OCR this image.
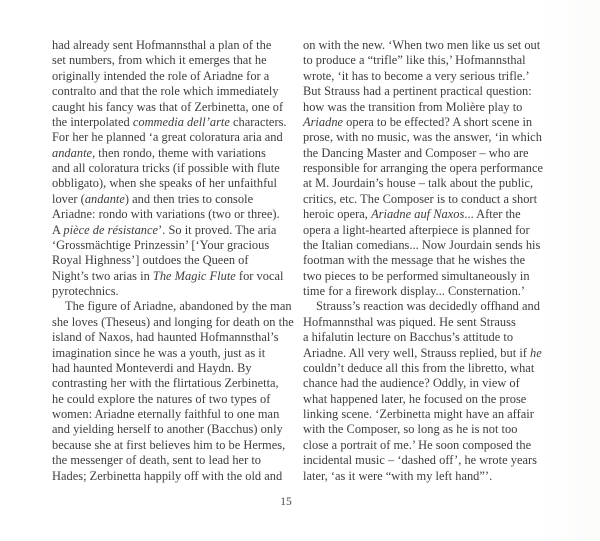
had already sent Hofmannsthal a plan of the
set numbers, from which it emerges that he
originally intended the role of Ariadne for a
contralto and that the role which immediately
caught his fancy was that of Zerbinetta, one of
the interpolated commedia dell’arte characters.
For her he planned ‘a great coloratura aria and
andante, then rondo, theme with variations
and all coloratura tricks (if possible with flute
obbligato), when she speaks of her unfaithful
lover (andante) and then tries to console
Ariadne: rondo with variations (two or three).
A pièce de résistance’. So it proved. The aria
‘Grossmächtige Prinzessin’ [‘Your gracious
Royal Highness’] outdoes the Queen of
Night’s two arias in The Magic Flute for vocal
pyrotechnics.
The figure of Ariadne, abandoned by the man
she loves (Theseus) and longing for death on the
island of Naxos, had haunted Hofmannsthal’s
imagination since he was a youth, just as it
had haunted Monteverdi and Haydn. By
contrasting her with the flirtatious Zerbinetta,
he could explore the natures of two types of
women: Ariadne eternally faithful to one man
and yielding herself to another (Bacchus) only
because she at first believes him to be Hermes,
the messenger of death, sent to lead her to
Hades; Zerbinetta happily off with the old and
on with the new. ‘When two men like us set out
to produce a “trifle” like this,’ Hofmannsthal
wrote, ‘it has to become a very serious trifle.’
But Strauss had a pertinent practical question:
how was the transition from Molière play to
Ariadne opera to be effected? A short scene in
prose, with no music, was the answer, ‘in which
the Dancing Master and Composer – who are
responsible for arranging the opera performance
at M. Jourdain’s house – talk about the public,
critics, etc. The Composer is to conduct a short
heroic opera, Ariadne auf Naxos... After the
opera a light-hearted afterpiece is planned for
the Italian comedians... Now Jourdain sends his
footman with the message that he wishes the
two pieces to be performed simultaneously in
time for a firework display... Consternation.’
Strauss’s reaction was decidedly offhand and
Hofmannsthal was piqued. He sent Strauss
a hifalutin lecture on Bacchus’s attitude to
Ariadne. All very well, Strauss replied, but if he
couldn’t deduce all this from the libretto, what
chance had the audience? Oddly, in view of
what happened later, he focused on the prose
linking scene. ‘Zerbinetta might have an affair
with the Composer, so long as he is not too
close a portrait of me.’ He soon composed the
incidental music – ‘dashed off’, he wrote years
later, ‘as it were “with my left hand”’.
15
